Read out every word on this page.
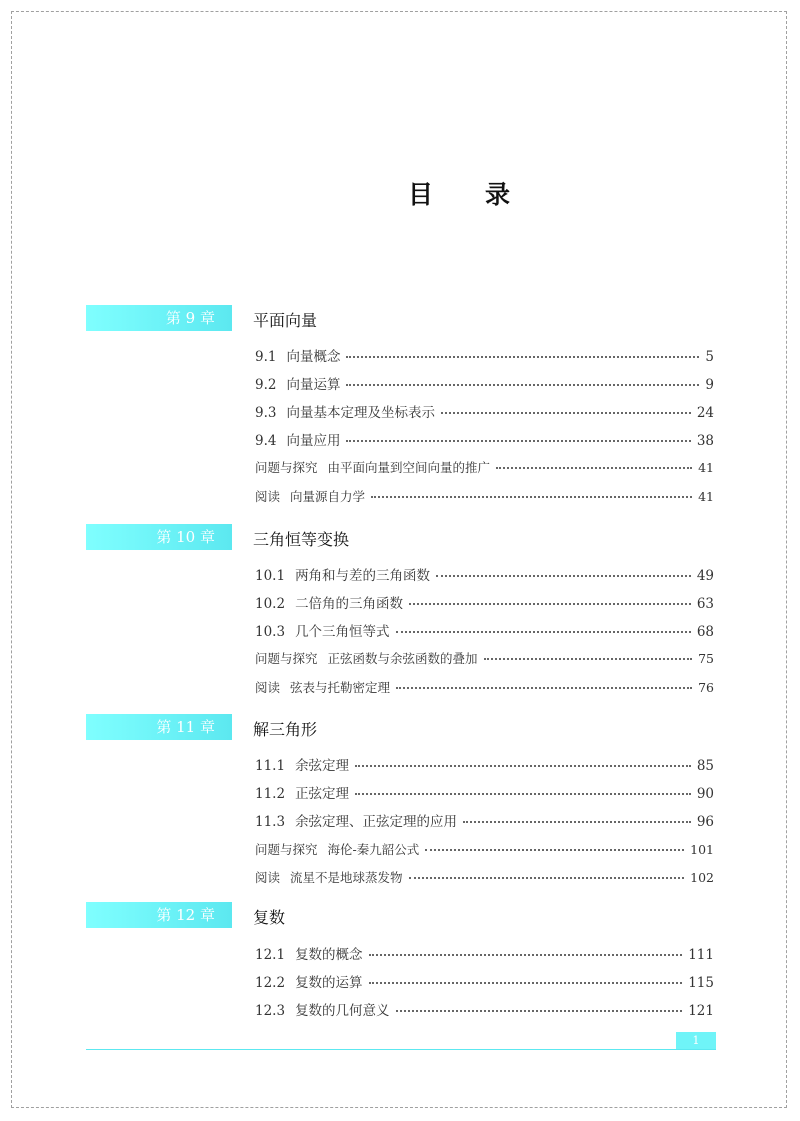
目录
第 9 章	平面向量
9.1 向量概念	5
9.2 向量运算	9
9.3 向量基本定理及坐标表示	24
9.4 向量应用	38
问题与探究 由平面向量到空间向量的推广	41
阅读 向量源自力学	41
第 10 章	三角恒等变换
10.1 两角和与差的三角函数	49
10.2 二倍角的三角函数	63
10.3 几个三角恒等式	68
问题与探究 正弦函数与余弦函数的叠加	75
阅读 弦表与托勒密定理	76
第 11 章	解三角形
11.1 余弦定理	85
11.2 正弦定理	90
11.3 余弦定理、正弦定理的应用	96
问题与探究 海伦-秦九韶公式	101
阅读 流星不是地球蒸发物	102
第 12 章	复数
12.1 复数的概念	111
12.2 复数的运算	115
12.3 复数的几何意义	121
1
